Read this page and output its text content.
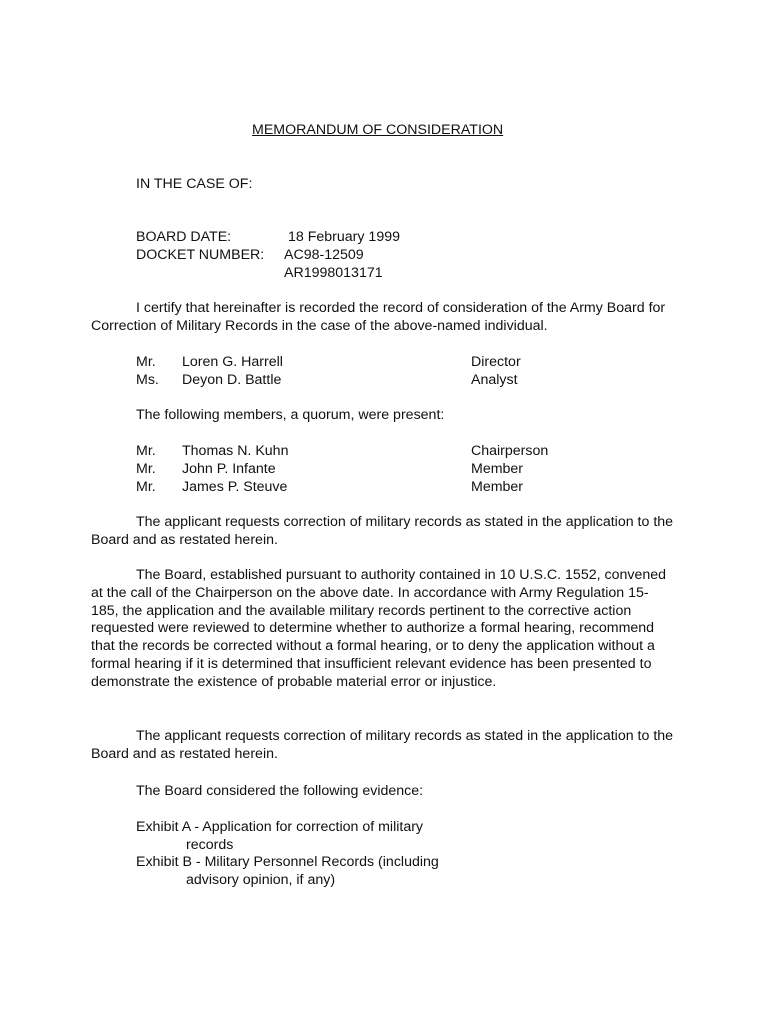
MEMORANDUM OF CONSIDERATION
IN THE CASE OF:
BOARD DATE:	18 February 1999
DOCKET NUMBER: AC98-12509
AR1998013171
I certify that hereinafter is recorded the record of consideration of the Army Board for Correction of Military Records in the case of the above-named individual.
Mr. Loren G. Harrell	Director
Ms. Deyon D. Battle	Analyst
The following members, a quorum, were present:
Mr. Thomas N. Kuhn	Chairperson
Mr. John P. Infante	Member
Mr. James P. Steuve	Member
The applicant requests correction of military records as stated in the application to the Board and as restated herein.
The Board, established pursuant to authority contained in 10 U.S.C. 1552, convened at the call of the Chairperson on the above date. In accordance with Army Regulation 15-185, the application and the available military records pertinent to the corrective action requested were reviewed to determine whether to authorize a formal hearing, recommend that the records be corrected without a formal hearing, or to deny the application without a formal hearing if it is determined that insufficient relevant evidence has been presented to demonstrate the existence of probable material error or injustice.
The applicant requests correction of military records as stated in the application to the Board and as restated herein.
The Board considered the following evidence:
Exhibit A - Application for correction of military
records
Exhibit B - Military Personnel Records (including
advisory opinion, if any)
